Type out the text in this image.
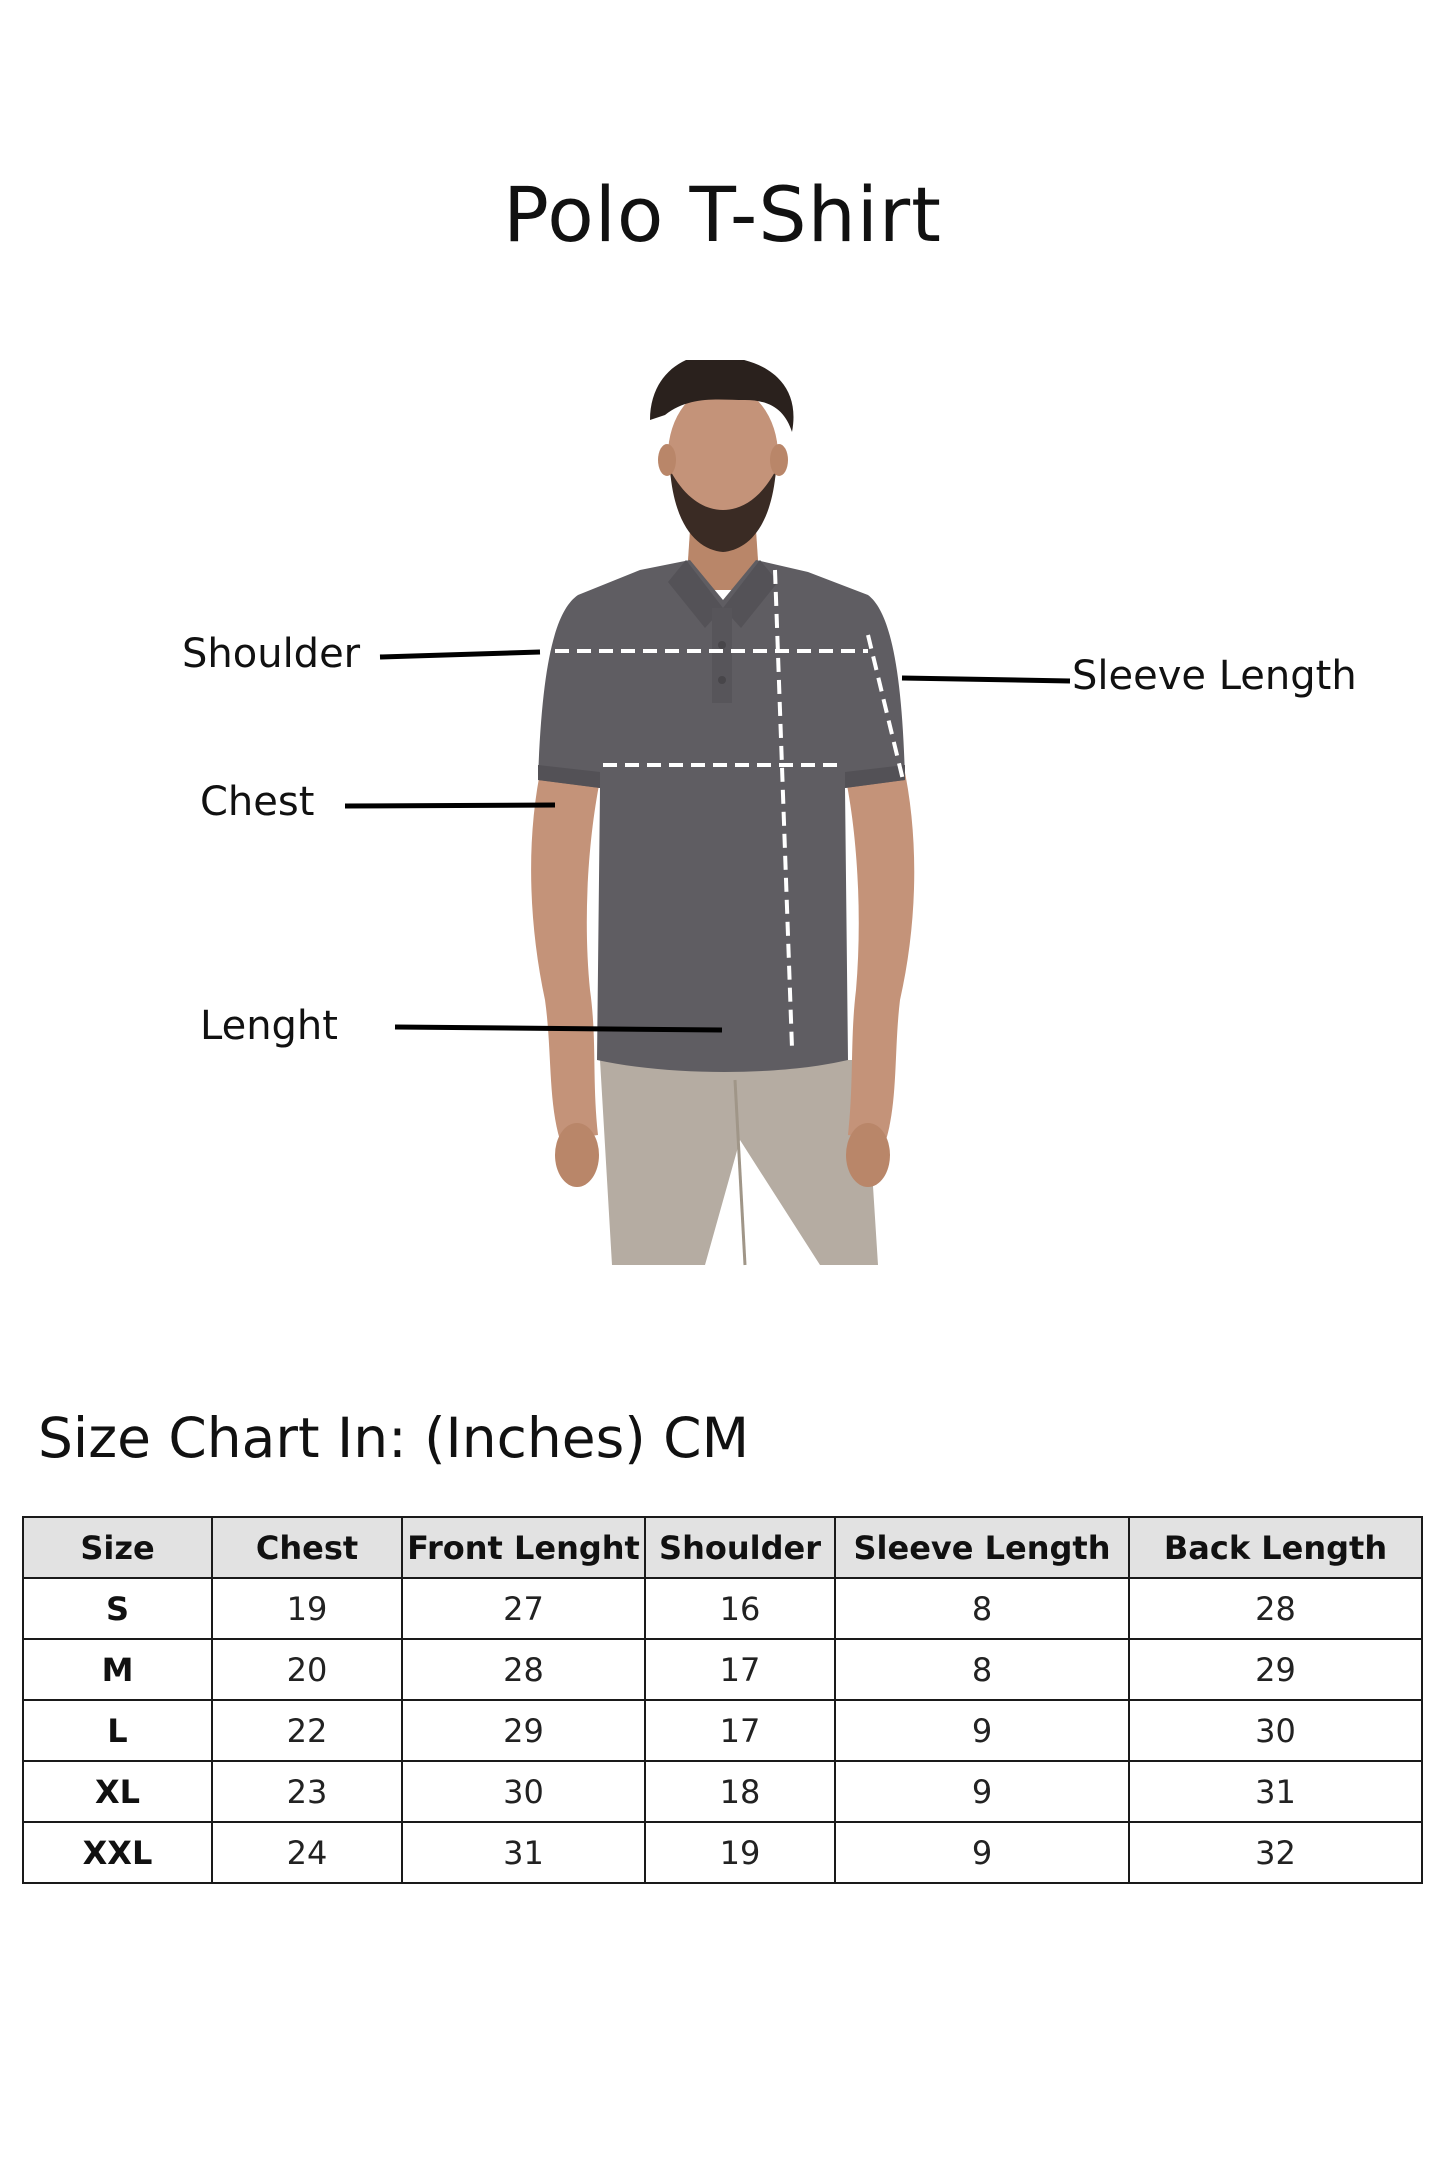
Polo T-Shirt
Shoulder
Chest
Lenght
Sleeve Length
Size Chart In: (Inches) CM
Size	Chest	Front Lenght	Shoulder	Sleeve Length	Back Length
S	19	27	16	8	28
M	20	28	17	8	29
L	22	29	17	9	30
XL	23	30	18	9	31
XXL	24	31	19	9	32
